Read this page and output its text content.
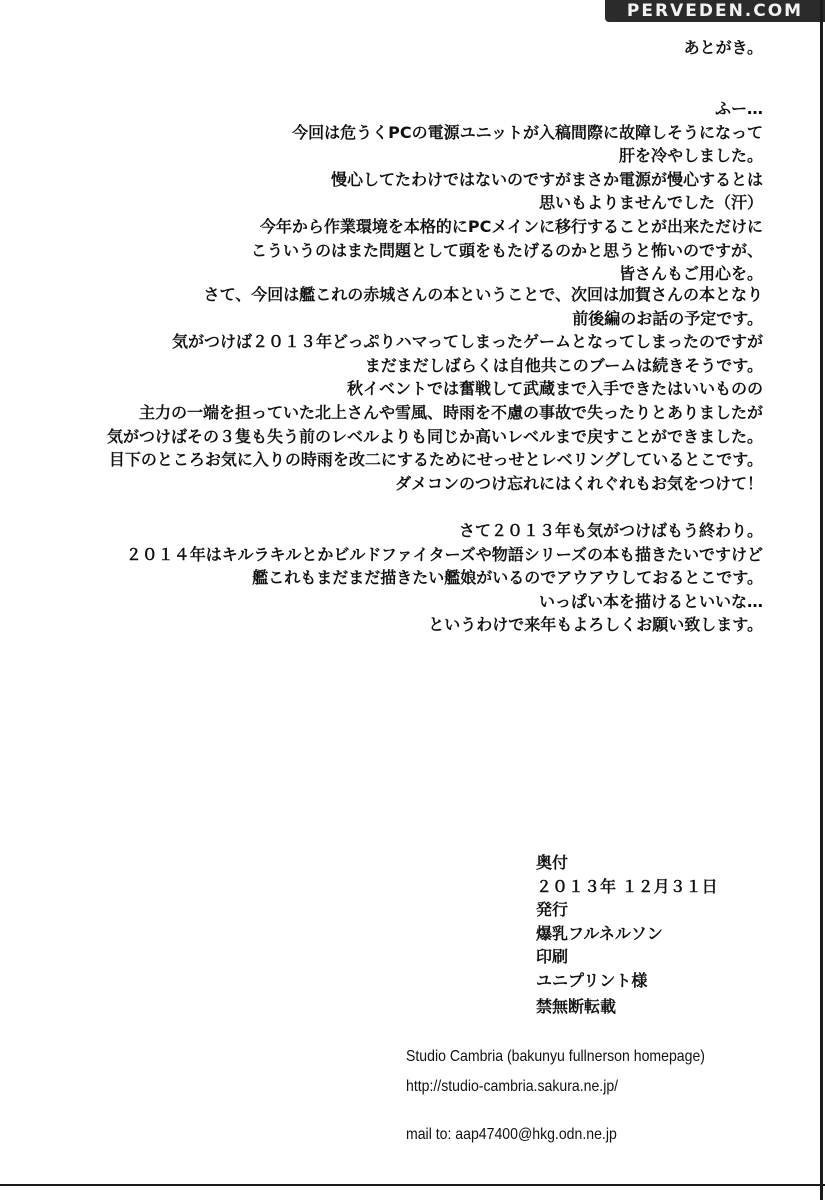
PERVEDEN.COM
あとがき。
ふー…
今回は危うくPCの電源ユニットが入稿間際に故障しそうになって
肝を冷やしました。
慢心してたわけではないのですがまさか電源が慢心するとは
思いもよりませんでした（汗）
今年から作業環境を本格的にPCメインに移行することが出来ただけに
こういうのはまた問題として頭をもたげるのかと思うと怖いのですが、
皆さんもご用心を。
さて、今回は艦これの赤城さんの本ということで、次回は加賀さんの本となり
前後編のお話の予定です。
気がつけば２０１３年どっぷりハマってしまったゲームとなってしまったのですが
まだまだしばらくは自他共このブームは続きそうです。
秋イベントでは奮戦して武蔵まで入手できたはいいものの
主力の一端を担っていた北上さんや雪風、時雨を不慮の事故で失ったりとありましたが
気がつけばその３隻も失う前のレベルよりも同じか高いレベルまで戻すことができました。
目下のところお気に入りの時雨を改二にするためにせっせとレベリングしているとこです。
ダメコンのつけ忘れにはくれぐれもお気をつけて！
さて２０１３年も気がつけばもう終わり。
２０１４年はキルラキルとかビルドファイターズや物語シリーズの本も描きたいですけど
艦これもまだまだ描きたい艦娘がいるのでアウアウしておるとこです。
いっぱい本を描けるといいな…
というわけで来年もよろしくお願い致します。
奥付
２０１３年 １２月３１日
発行
爆乳フルネルソン
印刷
ユニプリント様
禁無断転載
Studio Cambria (bakunyu fullnerson homepage)
http://studio-cambria.sakura.ne.jp/
mail to: aap47400@hkg.odn.ne.jp
